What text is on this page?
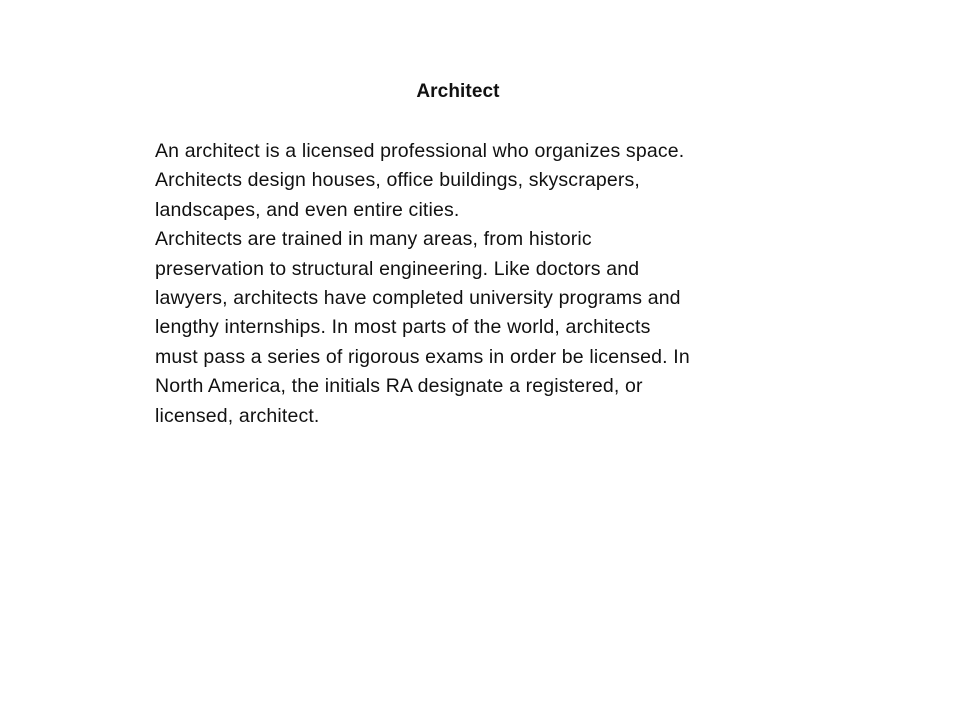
Architect

An architect is a licensed professional who organizes space.
Architects design houses, office buildings, skyscrapers,
landscapes, and even entire cities.

Architects are trained in many areas, from historic
preservation to structural engineering. Like doctors and
lawyers, architects have completed university programs and
lengthy internships. In most parts of the world, architects
must pass a series of rigorous exams in order be licensed. In
North America, the initials RA designate a registered, or
licensed, architect.
